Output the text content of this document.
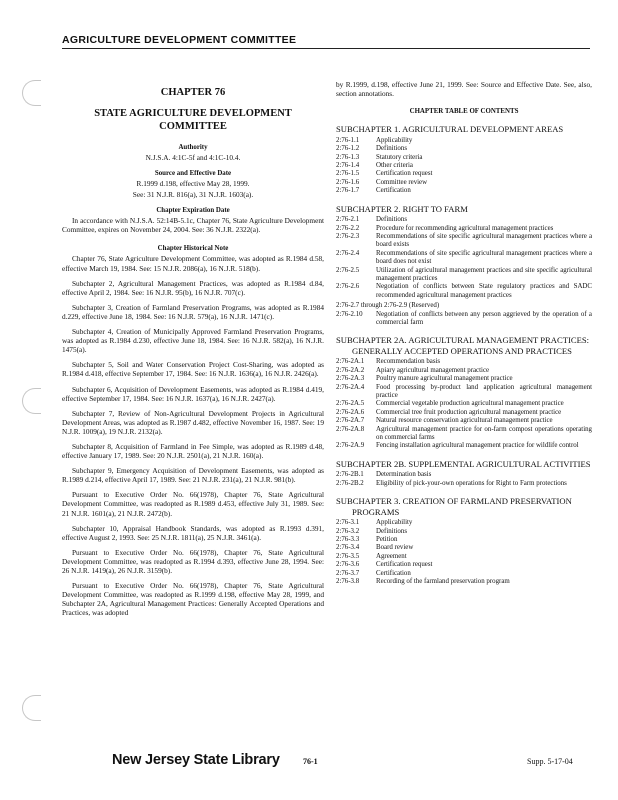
AGRICULTURE DEVELOPMENT COMMITTEE
CHAPTER 76
STATE AGRICULTURE DEVELOPMENT COMMITTEE
Authority
N.J.S.A. 4:1C-5f and 4:1C-10.4.
Source and Effective Date
R.1999 d.198, effective May 28, 1999.
See: 31 N.J.R. 816(a), 31 N.J.R. 1603(a).
Chapter Expiration Date

In accordance with N.J.S.A. 52:14B-5.1c, Chapter 76, State Agriculture Development Committee, expires on November 24, 2004. See: 36 N.J.R. 2322(a).

Chapter Historical Note

Chapter 76, State Agriculture Development Committee, was adopted as R.1984 d.58, effective March 19, 1984. See: 15 N.J.R. 2086(a), 16 N.J.R. 518(b).

Subchapter 2, Agricultural Management Practices, was adopted as R.1984 d.84, effective April 2, 1984. See: 16 N.J.R. 95(b), 16 N.J.R. 707(c).

Subchapter 3, Creation of Farmland Preservation Programs, was adopted as R.1984 d.229, effective June 18, 1984. See: 16 N.J.R. 579(a), 16 N.J.R. 1471(c).

Subchapter 4, Creation of Municipally Approved Farmland Preservation Programs, was adopted as R.1984 d.230, effective June 18, 1984. See: 16 N.J.R. 582(a), 16 N.J.R. 1475(a).

Subchapter 5, Soil and Water Conservation Project Cost-Sharing, was adopted as R.1984 d.418, effective September 17, 1984. See: 16 N.J.R. 1636(a), 16 N.J.R. 2426(a).

Subchapter 6, Acquisition of Development Easements, was adopted as R.1984 d.419, effective September 17, 1984. See: 16 N.J.R. 1637(a), 16 N.J.R. 2427(a).

Subchapter 7, Review of Non-Agricultural Development Projects in Agricultural Development Areas, was adopted as R.1987 d.482, effective November 16, 1987. See: 19 N.J.R. 1009(a), 19 N.J.R. 2132(a).

Subchapter 8, Acquisition of Farmland in Fee Simple, was adopted as R.1989 d.48, effective January 17, 1989. See: 20 N.J.R. 2501(a), 21 N.J.R. 160(a).

Subchapter 9, Emergency Acquisition of Development Easements, was adopted as R.1989 d.214, effective April 17, 1989. See: 21 N.J.R. 231(a), 21 N.J.R. 981(b).

Pursuant to Executive Order No. 66(1978), Chapter 76, State Agricultural Development Committee, was readopted as R.1989 d.453, effective July 31, 1989. See: 21 N.J.R. 1601(a), 21 N.J.R. 2472(b).

Subchapter 10, Appraisal Handbook Standards, was adopted as R.1993 d.391, effective August 2, 1993. See: 25 N.J.R. 1811(a), 25 N.J.R. 3461(a).

Pursuant to Executive Order No. 66(1978), Chapter 76, State Agricultural Development Committee, was readopted as R.1994 d.393, effective June 28, 1994. See: 26 N.J.R. 1419(a), 26 N.J.R. 3159(b).

Pursuant to Executive Order No. 66(1978), Chapter 76, State Agricultural Development Committee, was readopted as R.1999 d.198, effective May 28, 1999, and Subchapter 2A, Agricultural Management Practices: Generally Accepted Operations and Practices, was adopted

by R.1999, d.198, effective June 21, 1999. See: Source and Effective Date. See, also, section annotations.

CHAPTER TABLE OF CONTENTS
SUBCHAPTER 1. AGRICULTURAL DEVELOPMENT AREAS
2:76-1.1	Applicability
2:76-1.2	Definitions
2:76-1.3	Statutory criteria
2:76-1.4	Other criteria
2:76-1.5	Certification request
2:76-1.6	Committee review
2:76-1.7	Certification
SUBCHAPTER 2. RIGHT TO FARM
2:76-2.1	Definitions
2:76-2.2	Procedure for recommending agricultural management practices
2:76-2.3	Recommendations of site specific agricultural management practices where a board exists
2:76-2.4	Recommendations of site specific agricultural management practices where a board does not exist
2:76-2.5	Utilization of agricultural management practices and site specific agricultural management practices
2:76-2.6	Negotiation of conflicts between State regulatory practices and SADC recommended agricultural management practices
2:76-2.7 through 2:76-2.9 (Reserved)
2:76-2.10	Negotiation of conflicts between any person aggrieved by the operation of a commercial farm
SUBCHAPTER 2A. AGRICULTURAL MANAGEMENT PRACTICES: GENERALLY ACCEPTED OPERATIONS AND PRACTICES
2:76-2A.1	Recommendation basis
2:76-2A.2	Apiary agricultural management practice
2:76-2A.3	Poultry manure agricultural management practice
2:76-2A.4	Food processing by-product land application agricultural management practice
2:76-2A.5	Commercial vegetable production agricultural management practice
2:76-2A.6	Commercial tree fruit production agricultural management practice
2:76-2A.7	Natural resource conservation agricultural management practice
2:76-2A.8	Agricultural management practice for on-farm compost operations operating on commercial farms
2:76-2A.9	Fencing installation agricultural management practice for wildlife control
SUBCHAPTER 2B. SUPPLEMENTAL AGRICULTURAL ACTIVITIES
2:76-2B.1	Determination basis
2:76-2B.2	Eligibility of pick-your-own operations for Right to Farm protections
SUBCHAPTER 3. CREATION OF FARMLAND PRESERVATION PROGRAMS
2:76-3.1	Applicability
2:76-3.2	Definitions
2:76-3.3	Petition
2:76-3.4	Board review
2:76-3.5	Agreement
2:76-3.6	Certification request
2:76-3.7	Certification
2:76-3.8	Recording of the farmland preservation program
New Jersey State Library	76-1	Supp. 5-17-04
